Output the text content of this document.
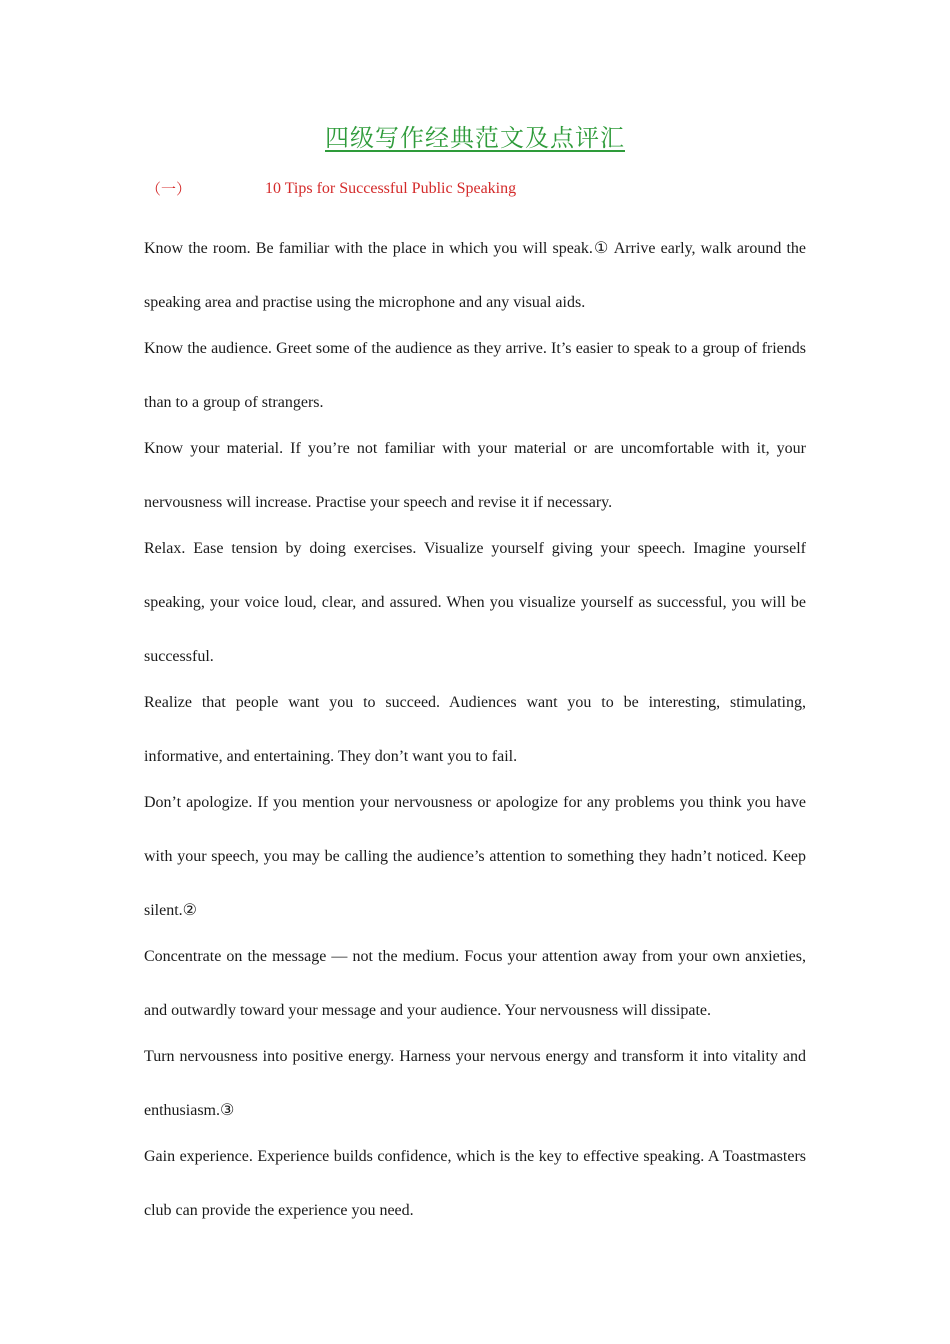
四级写作经典范文及点评汇
（一）	10 Tips for Successful Public Speaking

Know the room. Be familiar with the place in which you will speak.① Arrive early, walk around the speaking area and practise using the microphone and any visual aids.

Know the audience. Greet some of the audience as they arrive. It’s easier to speak to a group of friends than to a group of strangers.

Know your material. If you’re not familiar with your material or are uncomfortable with it, your nervousness will increase. Practise your speech and revise it if necessary.

Relax. Ease tension by doing exercises. Visualize yourself giving your speech. Imagine yourself speaking, your voice loud, clear, and assured. When you visualize yourself as successful, you will be successful.

Realize that people want you to succeed. Audiences want you to be interesting, stimulating, informative, and entertaining. They don’t want you to fail.

Don’t apologize. If you mention your nervousness or apologize for any problems you think you have with your speech, you may be calling the audience’s attention to something they hadn’t noticed. Keep silent.②

Concentrate on the message — not the medium. Focus your attention away from your own anxieties, and outwardly toward your message and your audience. Your nervousness will dissipate.

Turn nervousness into positive energy. Harness your nervous energy and transform it into vitality and enthusiasm.③

Gain experience. Experience builds confidence, which is the key to effective speaking. A Toastmasters club can provide the experience you need.
